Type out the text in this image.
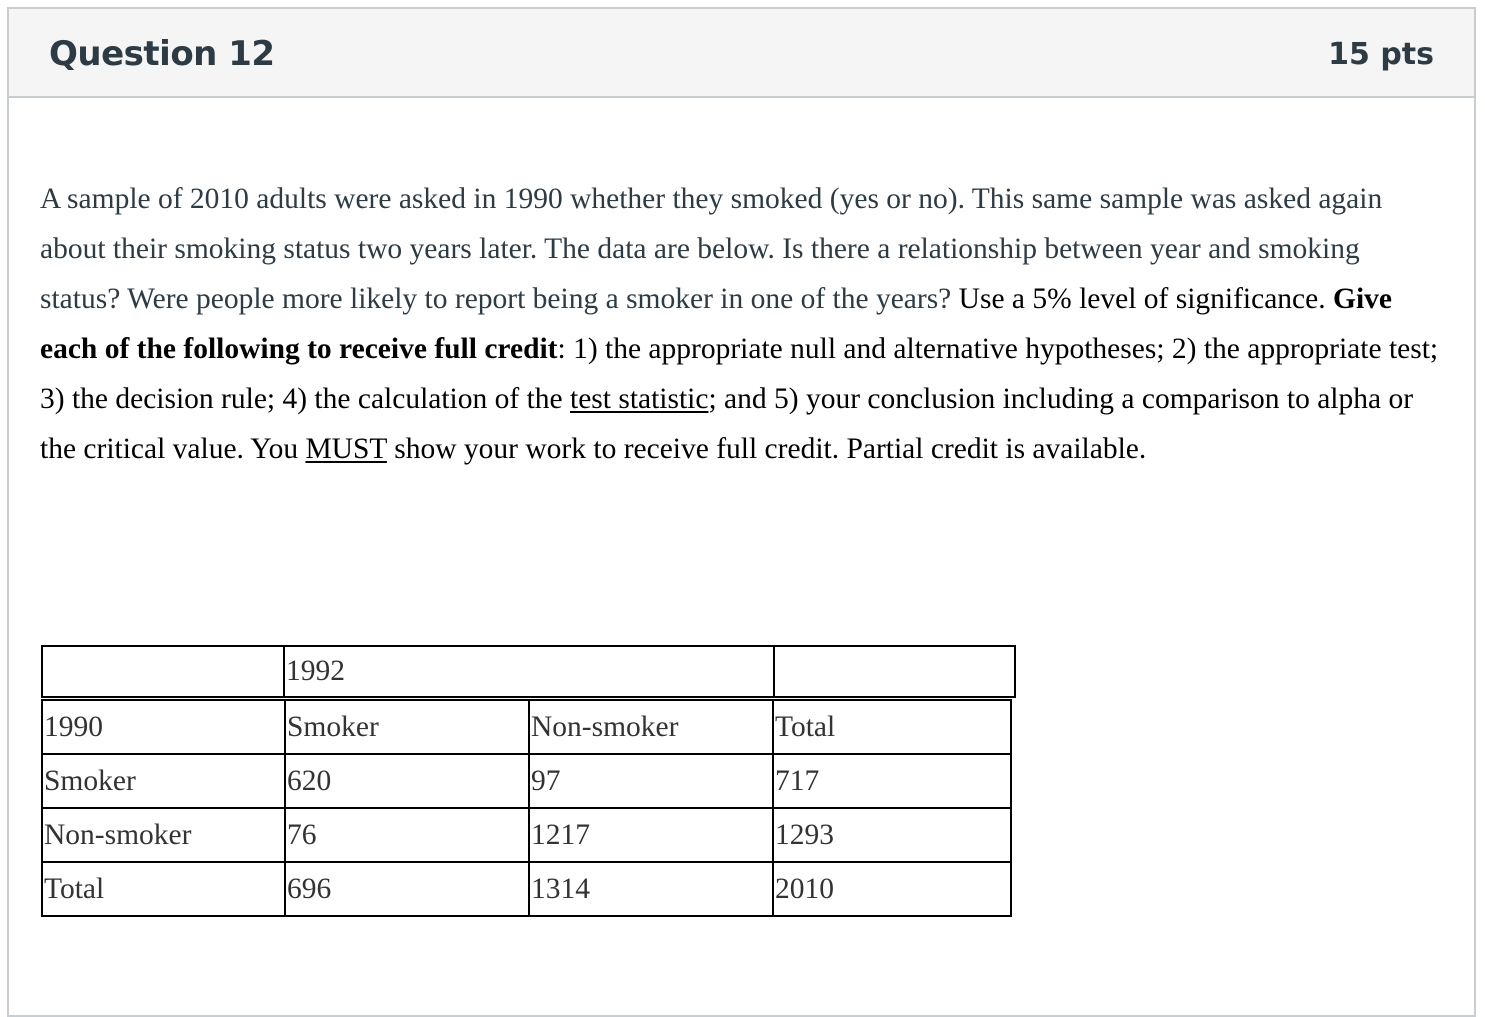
Question 12	15 pts

A sample of 2010 adults were asked in 1990 whether they smoked (yes or no). This same sample was asked again about their smoking status two years later. The data are below. Is there a relationship between year and smoking status? Were people more likely to report being a smoker in one of the years? Use a 5% level of significance. Give each of the following to receive full credit: 1) the appropriate null and alternative hypotheses; 2) the appropriate test; 3) the decision rule; 4) the calculation of the test statistic; and 5) your conclusion including a comparison to alpha or the critical value. You MUST show your work to receive full credit. Partial credit is available.

1992
1990	Smoker	Non-smoker	Total
Smoker	620	97	717
Non-smoker	76	1217	1293
Total	696	1314	2010
